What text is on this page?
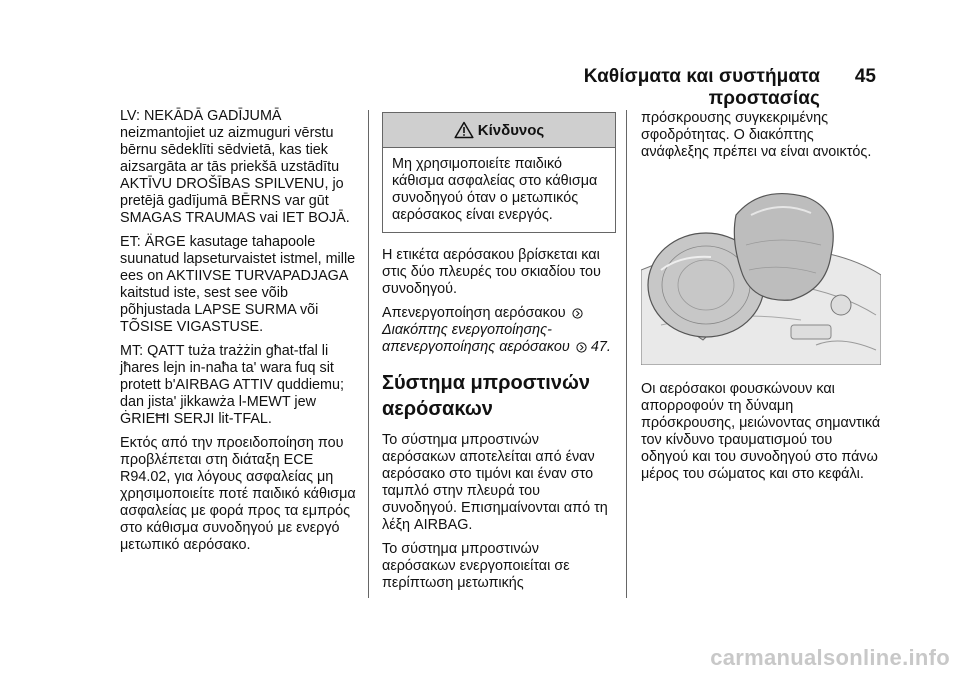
Καθίσματα και συστήματα προστασίας
45

LV: NEKĀDĀ GADĪJUMĀ neizmantojiet uz aizmuguri vērstu bērnu sēdeklīti sēdvietā, kas tiek aizsargāta ar tās priekšā uzstādītu AKTĪVU DROŠĪBAS SPILVENU, jo pretējā gadījumā BĒRNS var gūt SMAGAS TRAUMAS vai IET BOJĀ.

ET: ÄRGE kasutage tahapoole suunatud lapseturvaistet istmel, mille ees on AKTIIVSE TURVAPADJAGA kaitstud iste, sest see võib põhjustada LAPSE SURMA või TÕSISE VIGASTUSE.

MT: QATT tuża trażżin għat-tfal li jħares lejn in-naħa ta' wara fuq sit protett b'AIRBAG ATTIV quddiemu; dan jista' jikkawża l-MEWT jew ĠRIEĦI SERJI lit-TFAL.

Εκτός από την προειδοποίηση που προβλέπεται στη διάταξη ECE R94.02, για λόγους ασφαλείας μη χρησιμοποιείτε ποτέ παιδικό κάθισμα ασφαλείας με φορά προς τα εμπρός στο κάθισμα συνοδηγού με ενεργό μετωπικό αερόσακο.

Κίνδυνος

Μη χρησιμοποιείτε παιδικό κάθισμα ασφαλείας στο κάθισμα συνοδηγού όταν ο μετωπικός αερόσακος είναι ενεργός.

Η ετικέτα αερόσακου βρίσκεται και στις δύο πλευρές του σκιαδίου του συνοδηγού.

Απενεργοποίηση αερόσακου

Διακόπτης ενεργοποίησης-απενεργοποίησης αερόσακου 47.

Σύστημα μπροστινών αερόσακων

Το σύστημα μπροστινών αερόσακων αποτελείται από έναν αερόσακο στο τιμόνι και έναν στο ταμπλό στην πλευρά του συνοδηγού. Επισημαίνονται από τη λέξη AIRBAG.

Το σύστημα μπροστινών αερόσακων ενεργοποιείται σε περίπτωση μετωπικής

πρόσκρουσης συγκεκριμένης σφοδρότητας. Ο διακόπτης ανάφλεξης πρέπει να είναι ανοικτός.

Οι αερόσακοι φουσκώνουν και απορροφούν τη δύναμη πρόσκρουσης, μειώνοντας σημαντικά τον κίνδυνο τραυματισμού του οδηγού και του συνοδηγού στο πάνω μέρος του σώματος και στο κεφάλι.

carmanualsonline.info
